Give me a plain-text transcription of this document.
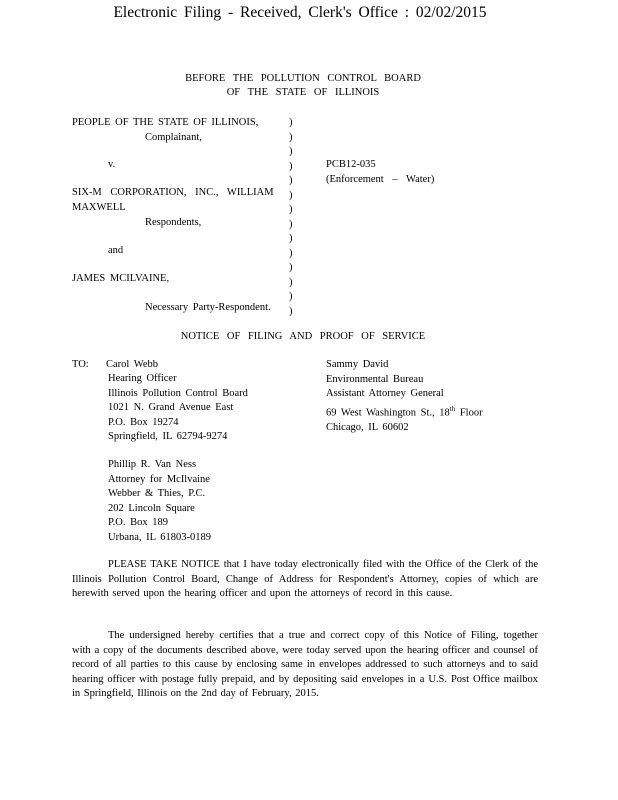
Electronic Filing - Received, Clerk's Office : 02/02/2015
BEFORE THE POLLUTION CONTROL BOARD
OF THE STATE OF ILLINOIS
PEOPLE OF THE STATE OF ILLINOIS,
Complainant,
v.
SIX-M CORPORATION, INC., WILLIAM
MAXWELL
Respondents,
and
JAMES MCILVAINE,
Necessary Party-Respondent.
)
)
)
)
)
)
)
)
)
)
)
)
)
)
PCB12-035
(Enforcement – Water)
NOTICE OF FILING AND PROOF OF SERVICE
TO: Carol Webb
Hearing Officer
Illinois Pollution Control Board
1021 N. Grand Avenue East
P.O. Box 19274
Springfield, IL 62794-9274
Sammy David
Environmental Bureau
Assistant Attorney General
69 West Washington St., 18th Floor
Chicago, IL 60602
Phillip R. Van Ness
Attorney for McIlvaine
Webber & Thies, P.C.
202 Lincoln Square
P.O. Box 189
Urbana, IL 61803-0189

PLEASE TAKE NOTICE that I have today electronically filed with the Office of the Clerk of the Illinois Pollution Control Board, Change of Address for Respondent's Attorney, copies of which are herewith served upon the hearing officer and upon the attorneys of record in this cause.

The undersigned hereby certifies that a true and correct copy of this Notice of Filing, together with a copy of the documents described above, were today served upon the hearing officer and counsel of record of all parties to this cause by enclosing same in envelopes addressed to such attorneys and to said hearing officer with postage fully prepaid, and by depositing said envelopes in a U.S. Post Office mailbox in Springfield, Illinois on the 2nd day of February, 2015.
